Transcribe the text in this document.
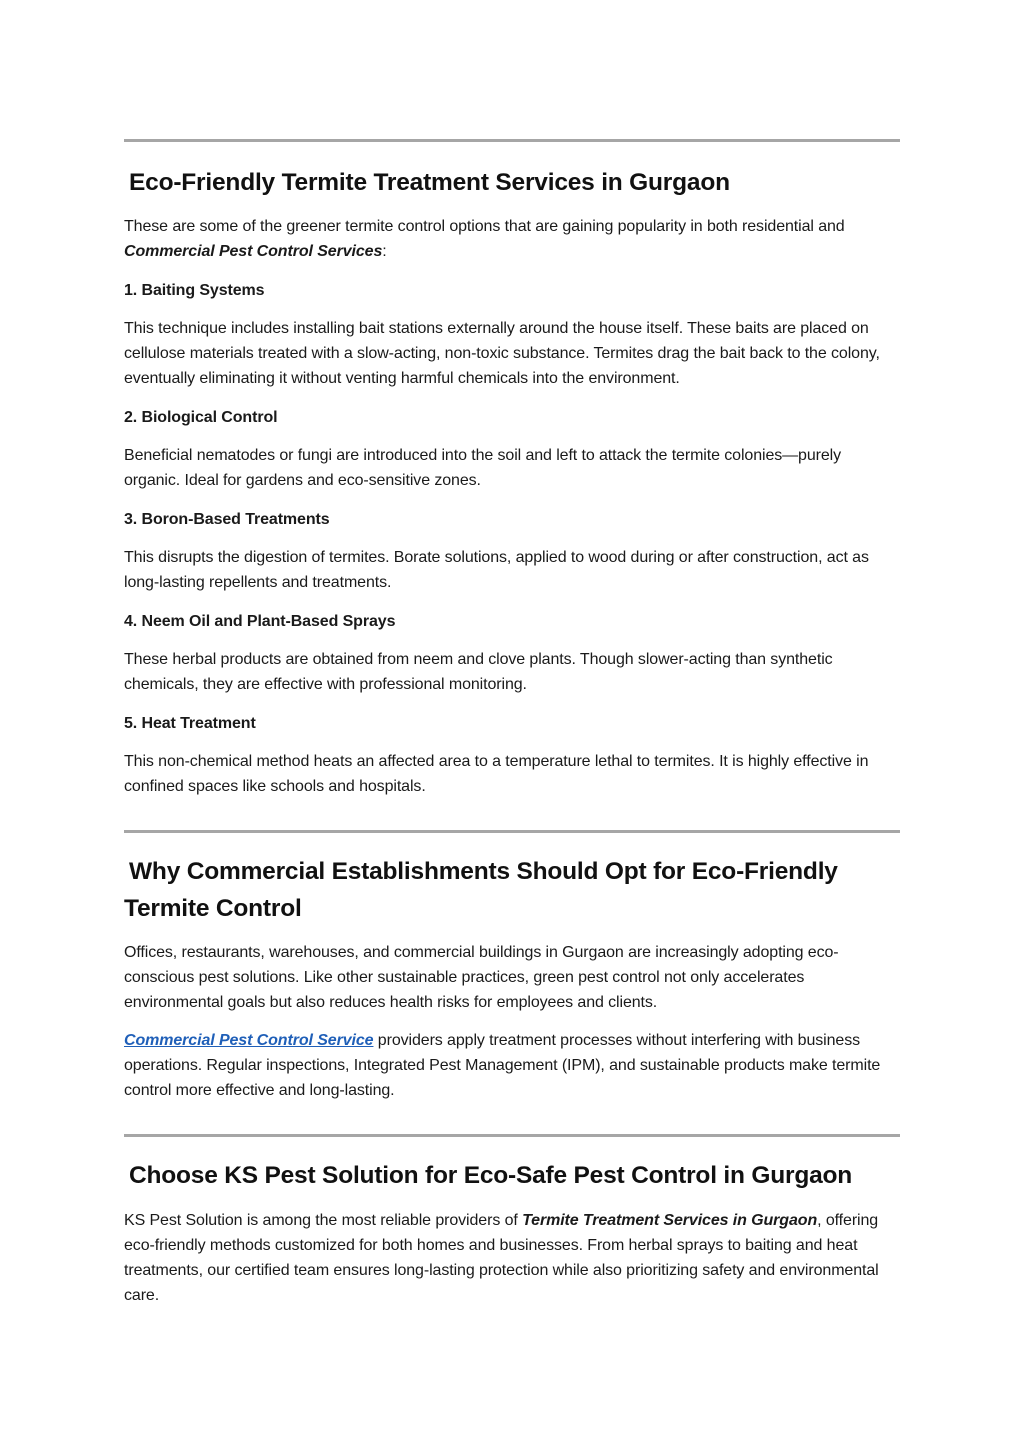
Eco-Friendly Termite Treatment Services in Gurgaon

These are some of the greener termite control options that are gaining popularity in both residential and Commercial Pest Control Services:

1. Baiting Systems

This technique includes installing bait stations externally around the house itself. These baits are placed on cellulose materials treated with a slow-acting, non-toxic substance. Termites drag the bait back to the colony, eventually eliminating it without venting harmful chemicals into the environment.

2. Biological Control

Beneficial nematodes or fungi are introduced into the soil and left to attack the termite colonies—purely organic. Ideal for gardens and eco-sensitive zones.

3. Boron-Based Treatments

This disrupts the digestion of termites. Borate solutions, applied to wood during or after construction, act as long-lasting repellents and treatments.

4. Neem Oil and Plant-Based Sprays

These herbal products are obtained from neem and clove plants. Though slower-acting than synthetic chemicals, they are effective with professional monitoring.

5. Heat Treatment

This non-chemical method heats an affected area to a temperature lethal to termites. It is highly effective in confined spaces like schools and hospitals.

Why Commercial Establishments Should Opt for Eco-Friendly Termite Control

Offices, restaurants, warehouses, and commercial buildings in Gurgaon are increasingly adopting eco-conscious pest solutions. Like other sustainable practices, green pest control not only accelerates environmental goals but also reduces health risks for employees and clients.

Commercial Pest Control Service providers apply treatment processes without interfering with business operations. Regular inspections, Integrated Pest Management (IPM), and sustainable products make termite control more effective and long-lasting.

Choose KS Pest Solution for Eco-Safe Pest Control in Gurgaon

KS Pest Solution is among the most reliable providers of Termite Treatment Services in Gurgaon, offering eco-friendly methods customized for both homes and businesses. From herbal sprays to baiting and heat treatments, our certified team ensures long-lasting protection while also prioritizing safety and environmental care.
